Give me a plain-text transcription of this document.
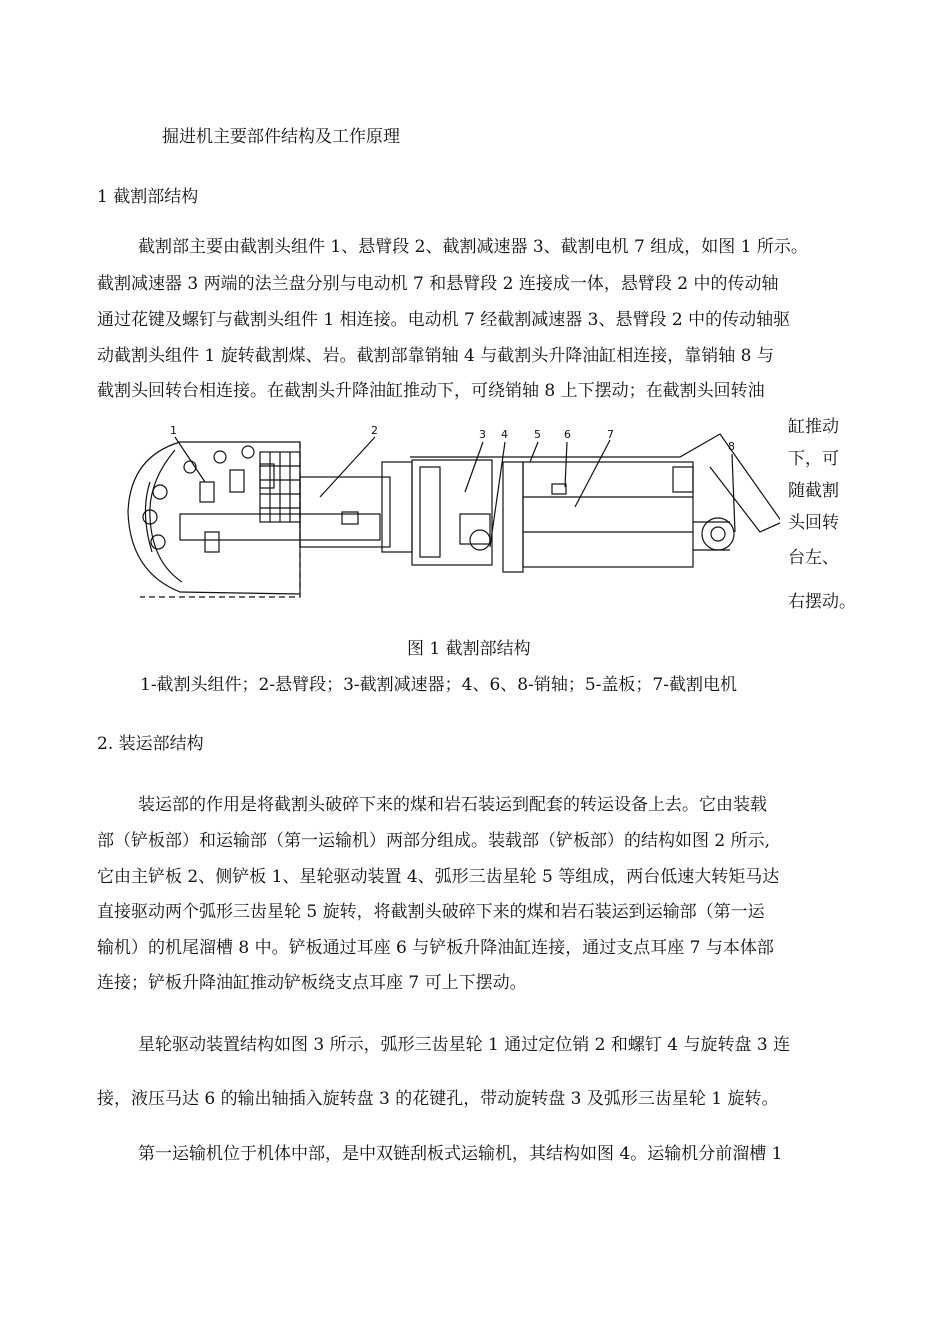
掘进机主要部件结构及工作原理

1 截割部结构

截割部主要由截割头组件 1、悬臂段 2、截割减速器 3、截割电机 7 组成，如图 1 所示。

截割减速器 3 两端的法兰盘分别与电动机 7 和悬臂段 2 连接成一体，悬臂段 2 中的传动轴

通过花键及螺钉与截割头组件 1 相连接。电动机 7 经截割减速器 3、悬臂段 2 中的传动轴驱

动截割头组件 1 旋转截割煤、岩。截割部靠销轴 4 与截割头升降油缸相连接，靠销轴 8 与

截割头回转台相连接。在截割头升降油缸推动下，可绕销轴 8 上下摆动；在截割头回转油

缸推动

下，可

随截割

头回转

台左、

右摆动。

1	2	3 4 5 6	7
8

图 1 截割部结构

1-截割头组件；2-悬臂段；3-截割减速器；4、6、8-销轴；5-盖板；7-截割电机

2. 装运部结构

装运部的作用是将截割头破碎下来的煤和岩石装运到配套的转运设备上去。它由装载

部（铲板部）和运输部（第一运输机）两部分组成。装载部（铲板部）的结构如图 2 所示,

它由主铲板 2、侧铲板 1、星轮驱动装置 4、弧形三齿星轮 5 等组成，两台低速大转矩马达

直接驱动两个弧形三齿星轮 5 旋转，将截割头破碎下来的煤和岩石装运到运输部（第一运

输机）的机尾溜槽 8 中。铲板通过耳座 6 与铲板升降油缸连接，通过支点耳座 7 与本体部

连接；铲板升降油缸推动铲板绕支点耳座 7 可上下摆动。

星轮驱动装置结构如图 3 所示，弧形三齿星轮 1 通过定位销 2 和螺钉 4 与旋转盘 3 连

接，液压马达 6 的输出轴插入旋转盘 3 的花键孔，带动旋转盘 3 及弧形三齿星轮 1 旋转。

第一运输机位于机体中部，是中双链刮板式运输机，其结构如图 4。运输机分前溜槽 1
